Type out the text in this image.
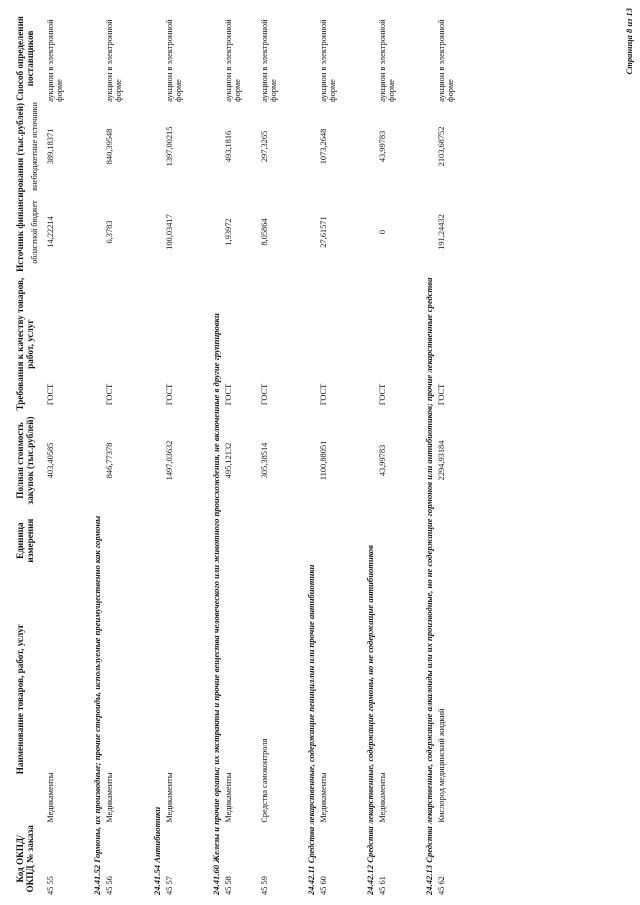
Код ОКПД/ ОКПД № заказа	Наименование товаров, работ, услуг	Единица измерения	Полная стоимость закупок (тыс.рублей)	Требования к качеству товаров, работ, услуг	Источник финансирования (тыс.рублей)		Способ определения поставщиков
					областной бюджет	внебюджетные источники	
45 55	Медикаменты		403,40585	ГОСТ	14,22214	389,18371	аукцион в электронной форме
24.41.52 Гормоны, их производные; прочие стероиды, используемые преимущественно как гормоны							
45 56	Медикаменты		846,77378	ГОСТ	6,3783	840,39548	аукцион в электронной форме
24.41.54 Антибиотики							
45 57	Медикаменты		1497,03632	ГОСТ	100,03417	1397,00215	аукцион в электронной форме
24.41.60 Железы и прочие органы; их экстракты и прочие вещества человеческого или животного происхождения, не включенные в другие группировки							
45 58	Медикаменты		495,12132	ГОСТ	1,93972	493,1816	аукцион в электронной форме
45 59	Средства самоконтроля		305,38514	ГОСТ	8,05864	297,3265	аукцион в электронной форме
24.42.11 Средства лекарственные, содержащие пенициллин или прочие антибиотики							
45 60	Медикаменты		1100,88051	ГОСТ	27,61571	1073,2648	аукцион в электронной форме
24.42.12 Средства лекарственные, содержащие гормоны, но не содержащие антибиотиков							
45 61	Медикаменты		43,99783	ГОСТ	0	43,99783	аукцион в электронной форме
24.42.13 Средства лекарственные, содержащие алкалоиды или их производные, но не содержащие гормонов или антибиотиков; прочие лекарственные средства							
45 62	Кислород медицинский жидкий		2294,93184	ГОСТ	191,24432	2103,68752	аукцион в электронной форме
Страница 8 из 13
